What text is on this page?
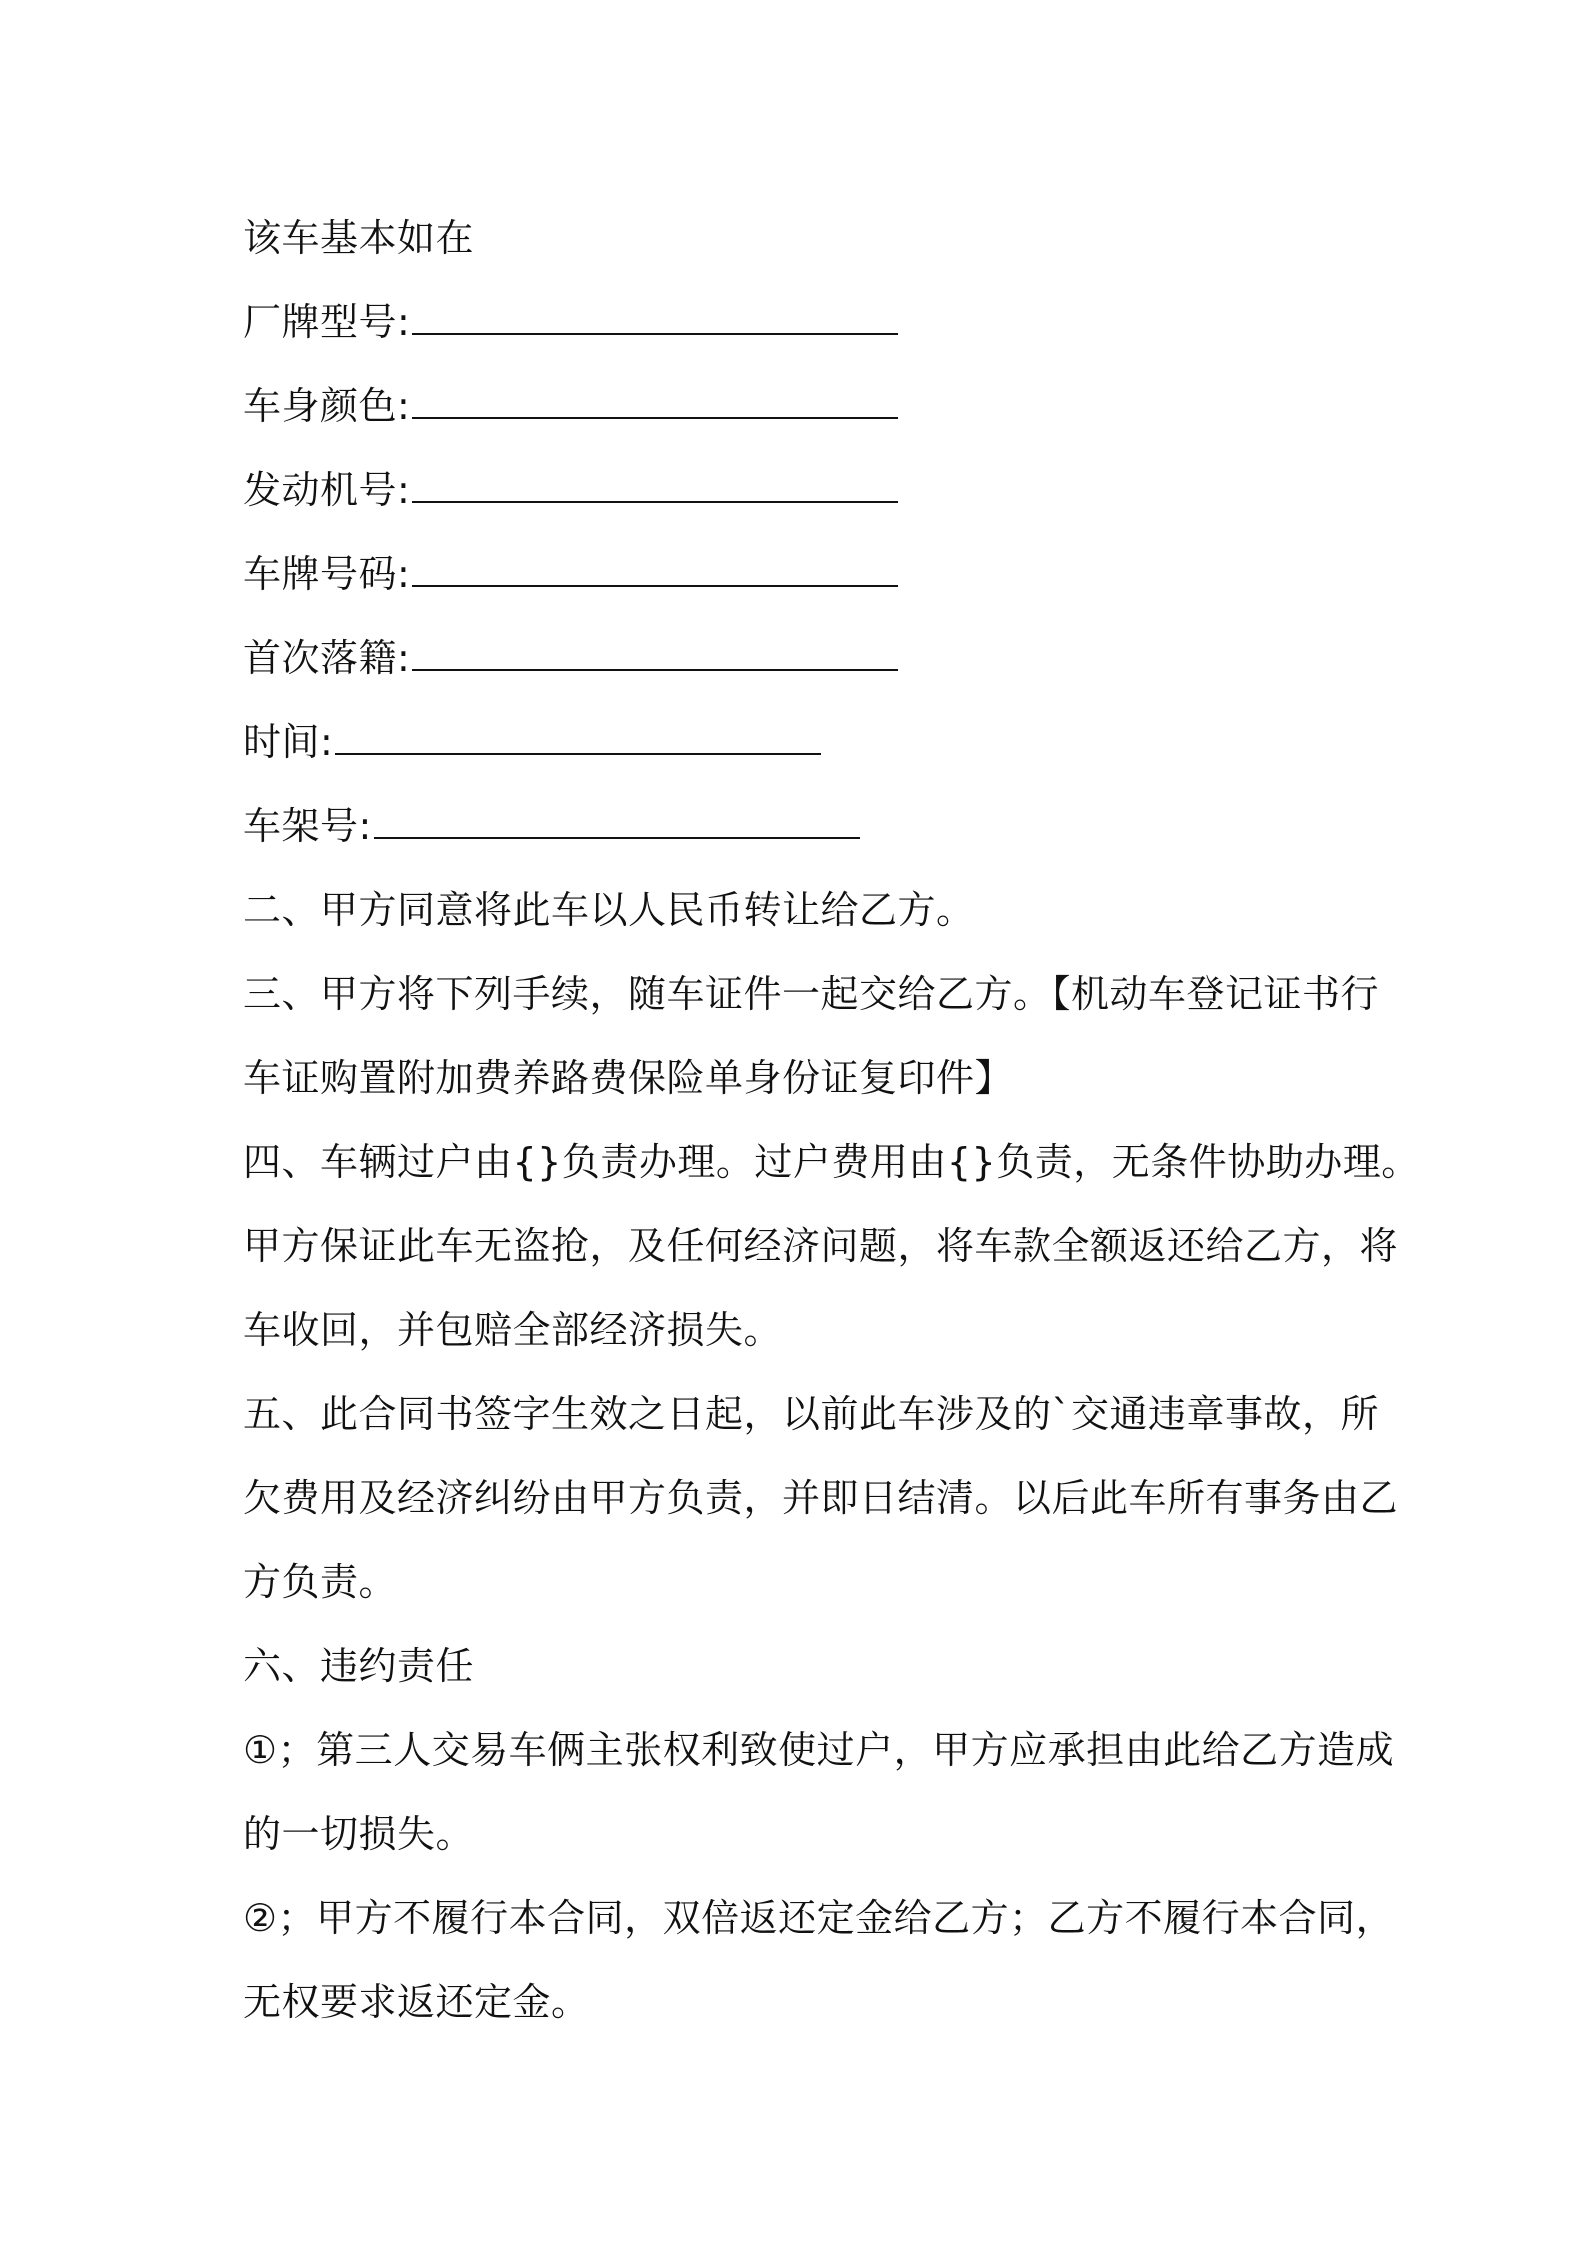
该车基本如在
厂牌型号:
车身颜色:
发动机号:
车牌号码:
首次落籍:
时间:
车架号:
二、甲方同意将此车以人民币转让给乙方。
三、甲方将下列手续，随车证件一起交给乙方。【机动车登记证书行
车证购置附加费养路费保险单身份证复印件】
四、车辆过户由{}负责办理。过户费用由{}负责，无条件协助办理。
甲方保证此车无盗抢，及任何经济问题，将车款全额返还给乙方，将
车收回，并包赔全部经济损失。
五、此合同书签字生效之日起，以前此车涉及的`交通违章事故，所
欠费用及经济纠纷由甲方负责，并即日结清。以后此车所有事务由乙
方负责。
六、违约责任
①；第三人交易车俩主张权利致使过户，甲方应承担由此给乙方造成
的一切损失。
②；甲方不履行本合同，双倍返还定金给乙方；乙方不履行本合同，
无权要求返还定金。
